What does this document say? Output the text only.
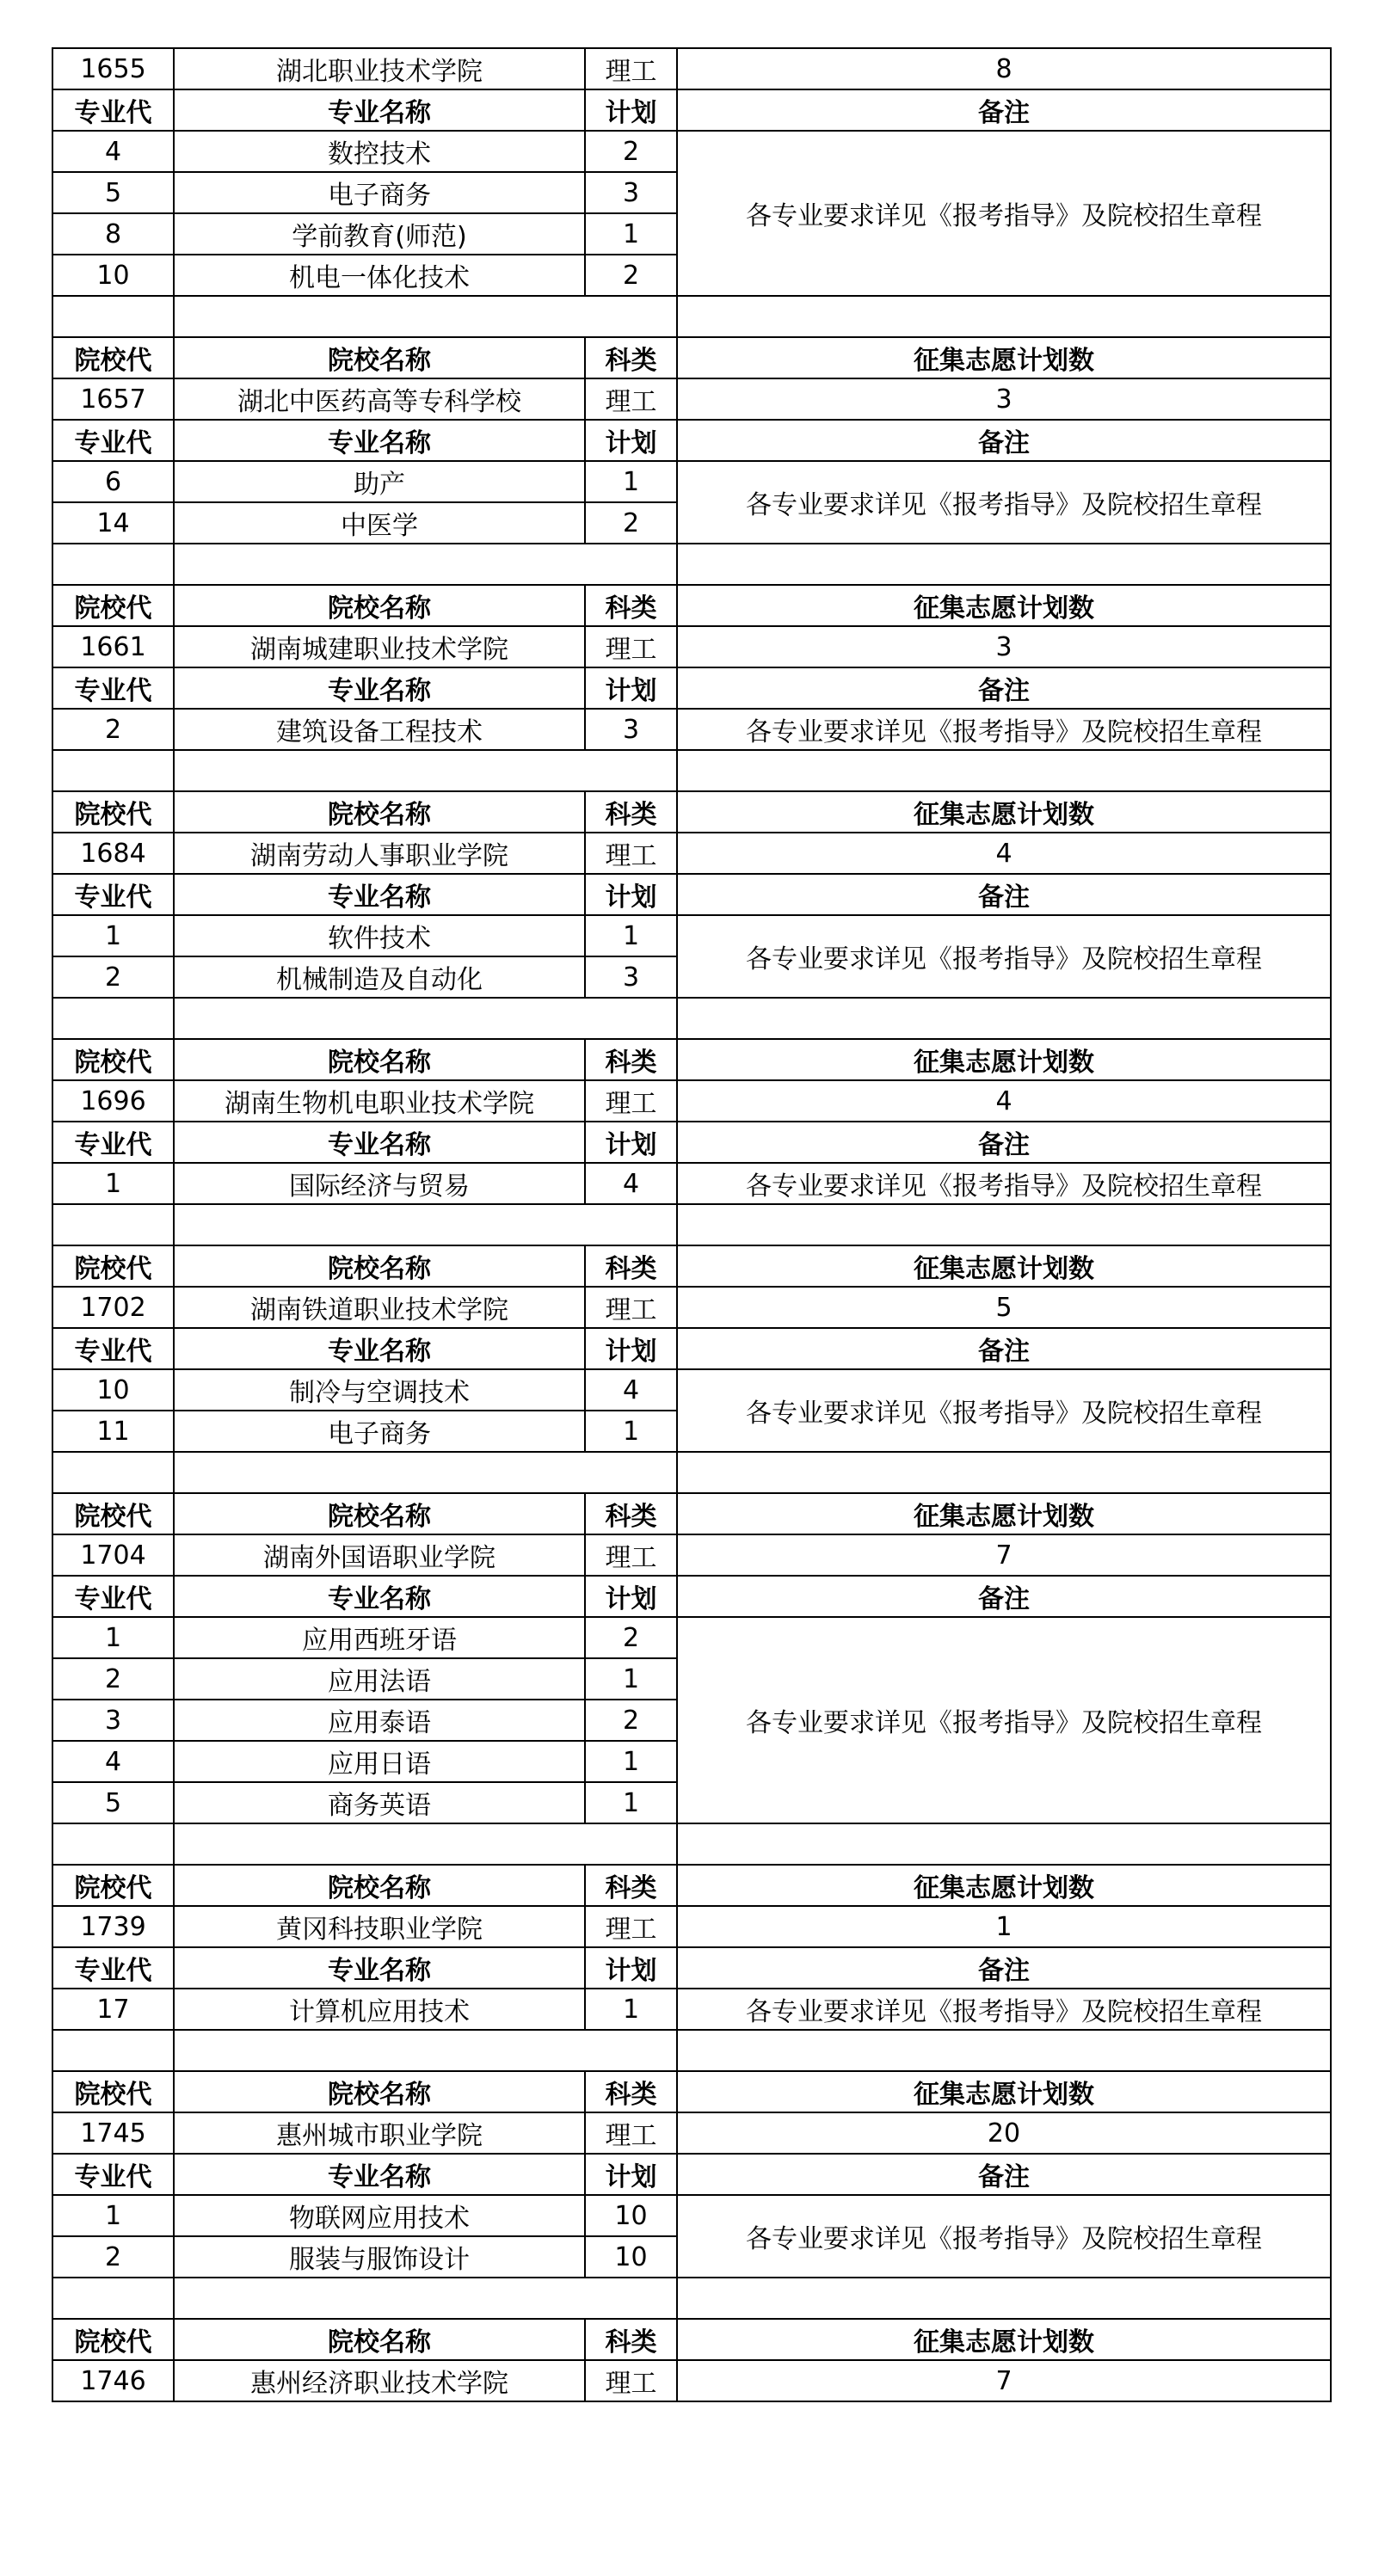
1655	湖北职业技术学院	理工	8
专业代	专业名称	计划	备注
4	数控技术	2	各专业要求详见《报考指导》及院校招生章程
5	电子商务	3	
8	学前教育(师范)	1	
10	机电一体化技术	2	

院校代	院校名称	科类	征集志愿计划数
1657	湖北中医药高等专科学校	理工	3
专业代	专业名称	计划	备注
6	助产	1	各专业要求详见《报考指导》及院校招生章程
14	中医学	2	

院校代	院校名称	科类	征集志愿计划数
1661	湖南城建职业技术学院	理工	3
专业代	专业名称	计划	备注
2	建筑设备工程技术	3	各专业要求详见《报考指导》及院校招生章程

院校代	院校名称	科类	征集志愿计划数
1684	湖南劳动人事职业学院	理工	4
专业代	专业名称	计划	备注
1	软件技术	1	各专业要求详见《报考指导》及院校招生章程
2	机械制造及自动化	3	

院校代	院校名称	科类	征集志愿计划数
1696	湖南生物机电职业技术学院	理工	4
专业代	专业名称	计划	备注
1	国际经济与贸易	4	各专业要求详见《报考指导》及院校招生章程

院校代	院校名称	科类	征集志愿计划数
1702	湖南铁道职业技术学院	理工	5
专业代	专业名称	计划	备注
10	制冷与空调技术	4	各专业要求详见《报考指导》及院校招生章程
11	电子商务	1	

院校代	院校名称	科类	征集志愿计划数
1704	湖南外国语职业学院	理工	7
专业代	专业名称	计划	备注
1	应用西班牙语	2	各专业要求详见《报考指导》及院校招生章程
2	应用法语	1	
3	应用泰语	2	
4	应用日语	1	
5	商务英语	1	

院校代	院校名称	科类	征集志愿计划数
1739	黄冈科技职业学院	理工	1
专业代	专业名称	计划	备注
17	计算机应用技术	1	各专业要求详见《报考指导》及院校招生章程

院校代	院校名称	科类	征集志愿计划数
1745	惠州城市职业学院	理工	20
专业代	专业名称	计划	备注
1	物联网应用技术	10	各专业要求详见《报考指导》及院校招生章程
2	服装与服饰设计	10	

院校代	院校名称	科类	征集志愿计划数
1746	惠州经济职业技术学院	理工	7
